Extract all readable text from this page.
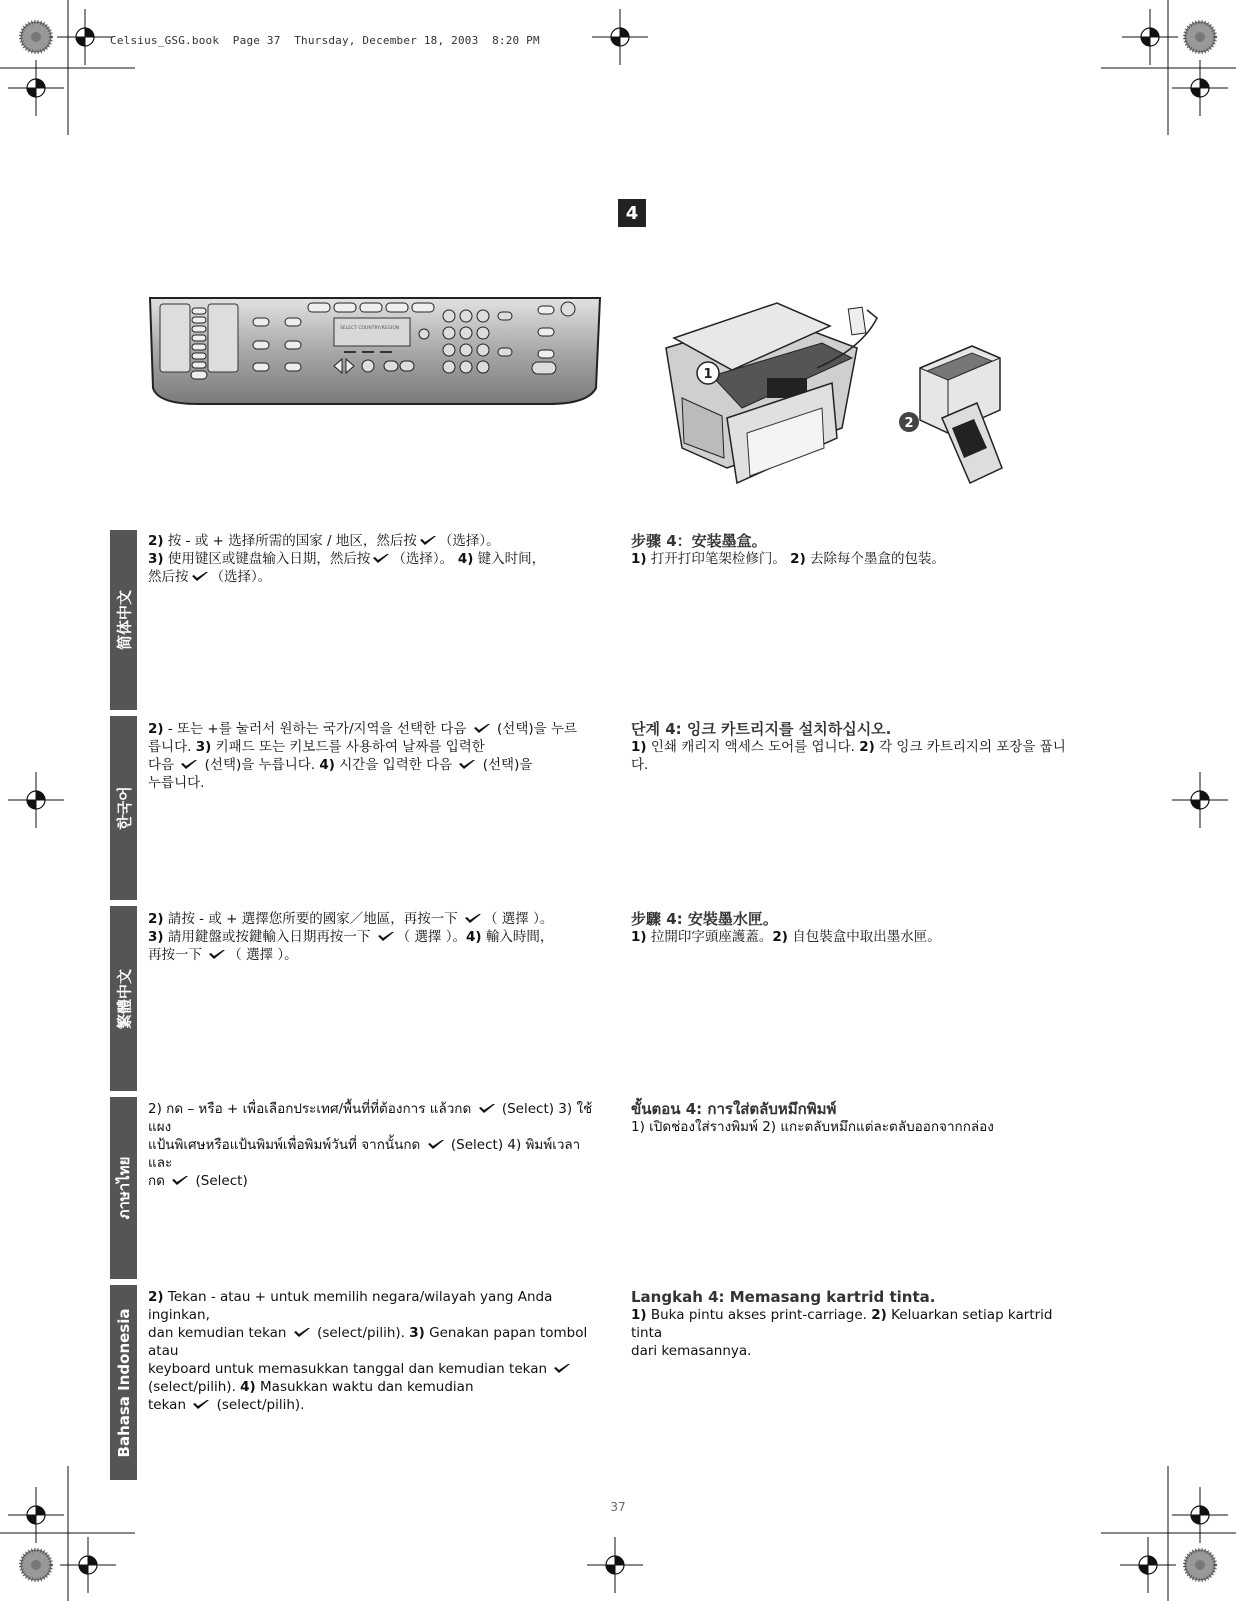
Celsius_GSG.book  Page 37  Thursday, December 18, 2003  8:20 PM
4
SELECT COUNTRY/REGION
1
2
简体中文
한국어
繁體中文
ภาษาไทย
Bahasa Indonesia
2) 按 - 或 + 选择所需的国家 / 地区，然后按 （选择）。
3) 使用键区或键盘输入日期，然后按 （选择）。 4) 键入时间，
然后按 （选择）。
步骤 4：安装墨盒。
1) 打开打印笔架检修门。 2) 去除每个墨盒的包装。
2) - 또는 +를 눌러서 원하는 국가/지역을 선택한 다음  (선택)을 누르
릅니다. 3) 키패드 또는 키보드를 사용하여 날짜를 입력한
다음  (선택)을 누릅니다. 4) 시간을 입력한 다음  (선택)을
누릅니다.
단계 4: 잉크 카트리지를 설치하십시오.
1) 인쇄 캐리지 액세스 도어를 엽니다. 2) 각 잉크 카트리지의 포장을 풉니다.
2) 請按 - 或 + 選擇您所要的國家／地區，再按一下 （ 選擇 ）。
3) 請用鍵盤或按鍵輸入日期再按一下 （ 選擇 ）。4) 輸入時間，
再按一下 （ 選擇 ）。
步驟 4: 安裝墨水匣。
1) 拉開印字頭座護蓋。2) 自包裝盒中取出墨水匣。
2) กด – หรือ + เพื่อเลือกประเทศ/พื้นที่ที่ต้องการ แล้วกด  (Select) 3) ใช้แผง
แป้นพิเศษหรือแป้นพิมพ์เพื่อพิมพ์วันที่ จากนั้นกด  (Select) 4) พิมพ์เวลา และ
กด  (Select)
ขั้นตอน 4: การใส่ตลับหมึกพิมพ์
1) เปิดช่องใส่รางพิมพ์ 2) แกะตลับหมึกแต่ละตลับออกจากกล่อง
2) Tekan - atau + untuk memilih negara/wilayah yang Anda inginkan,
dan kemudian tekan  (select/pilih). 3) Genakan papan tombol atau
keyboard untuk memasukkan tanggal dan kemudian tekan
(select/pilih). 4) Masukkan waktu dan kemudian
tekan  (select/pilih).
Langkah 4: Memasang kartrid tinta.
1) Buka pintu akses print-carriage. 2) Keluarkan setiap kartrid tinta
dari kemasannya.
37
